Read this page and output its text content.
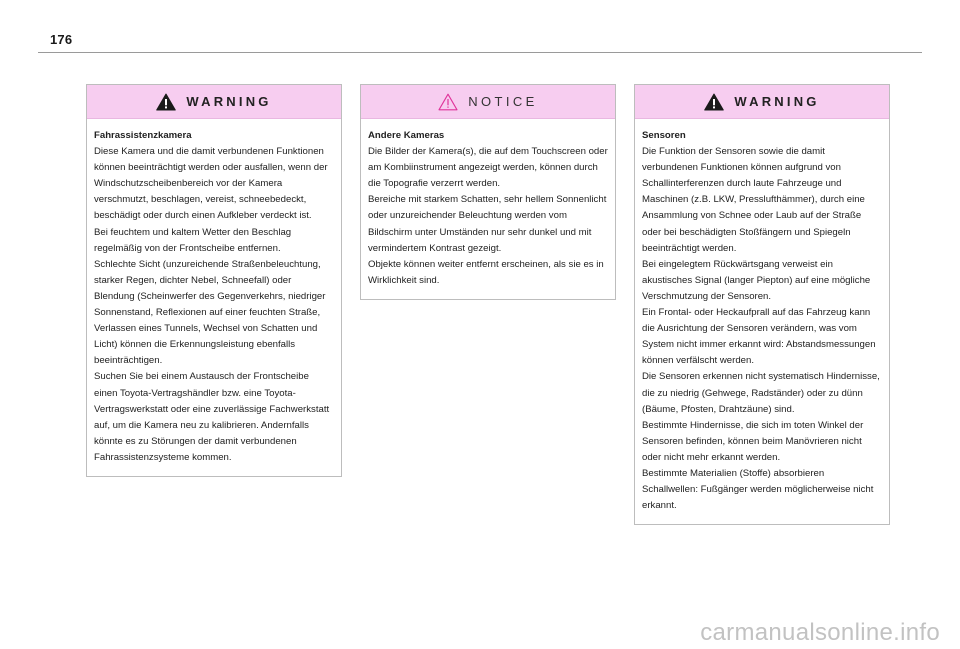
176
WARNING
Fahrassistenzkamera
Diese Kamera und die damit verbundenen Funktionen können beeinträchtigt werden oder ausfallen, wenn der Windschutzscheibenbereich vor der Kamera verschmutzt, beschlagen, vereist, schneebedeckt, beschädigt oder durch einen Aufkleber verdeckt ist.
Bei feuchtem und kaltem Wetter den Beschlag regelmäßig von der Frontscheibe entfernen.
Schlechte Sicht (unzureichende Straßenbeleuchtung, starker Regen, dichter Nebel, Schneefall) oder Blendung (Scheinwerfer des Gegenverkehrs, niedriger Sonnenstand, Reflexionen auf einer feuchten Straße, Verlassen eines Tunnels, Wechsel von Schatten und Licht) können die Erkennungsleistung ebenfalls beeinträchtigen.
Suchen Sie bei einem Austausch der Frontscheibe einen Toyota-Vertragshändler bzw. eine Toyota-Vertragswerkstatt oder eine zuverlässige Fachwerkstatt auf, um die Kamera neu zu kalibrieren. Andernfalls könnte es zu Störungen der damit verbundenen Fahrassistenzsysteme kommen.
NOTICE
Andere Kameras
Die Bilder der Kamera(s), die auf dem Touchscreen oder am Kombiinstrument angezeigt werden, können durch die Topografie verzerrt werden.
Bereiche mit starkem Schatten, sehr hellem Sonnenlicht oder unzureichender Beleuchtung werden vom Bildschirm unter Umständen nur sehr dunkel und mit vermindertem Kontrast gezeigt.
Objekte können weiter entfernt erscheinen, als sie es in Wirklichkeit sind.
WARNING
Sensoren
Die Funktion der Sensoren sowie die damit verbundenen Funktionen können aufgrund von Schallinterferenzen durch laute Fahrzeuge und Maschinen (z.B. LKW, Presslufthämmer), durch eine Ansammlung von Schnee oder Laub auf der Straße oder bei beschädigten Stoßfängern und Spiegeln beeinträchtigt werden.
Bei eingelegtem Rückwärtsgang verweist ein akustisches Signal (langer Piepton) auf eine mögliche Verschmutzung der Sensoren.
Ein Frontal- oder Heckaufprall auf das Fahrzeug kann die Ausrichtung der Sensoren verändern, was vom System nicht immer erkannt wird: Abstandsmessungen können verfälscht werden.
Die Sensoren erkennen nicht systematisch Hindernisse, die zu niedrig (Gehwege, Radständer) oder zu dünn (Bäume, Pfosten, Drahtzäune) sind.
Bestimmte Hindernisse, die sich im toten Winkel der Sensoren befinden, können beim Manövrieren nicht oder nicht mehr erkannt werden.
Bestimmte Materialien (Stoffe) absorbieren Schallwellen: Fußgänger werden möglicherweise nicht erkannt.
carmanualsonline.info
